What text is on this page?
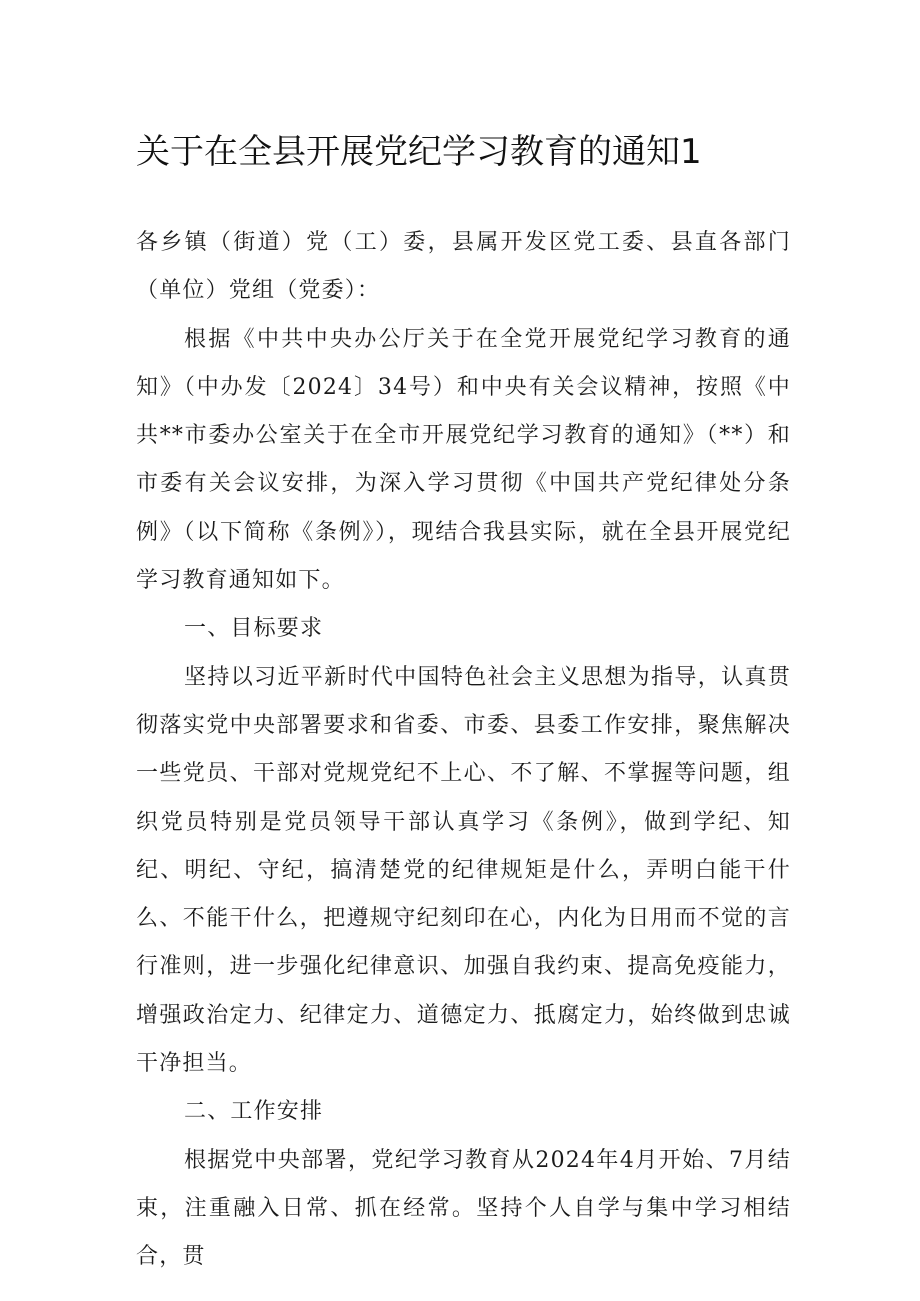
关于在全县开展党纪学习教育的通知1

各乡镇（街道）党（工）委，县属开发区党工委、县直各部门（单位）党组（党委）：

根据《中共中央办公厅关于在全党开展党纪学习教育的通知》（中办发〔2024〕34号）和中央有关会议精神，按照《中共**市委办公室关于在全市开展党纪学习教育的通知》（**）和市委有关会议安排，为深入学习贯彻《中国共产党纪律处分条例》（以下简称《条例》），现结合我县实际，就在全县开展党纪学习教育通知如下。

一、目标要求

坚持以习近平新时代中国特色社会主义思想为指导，认真贯彻落实党中央部署要求和省委、市委、县委工作安排，聚焦解决一些党员、干部对党规党纪不上心、不了解、不掌握等问题，组织党员特别是党员领导干部认真学习《条例》，做到学纪、知纪、明纪、守纪，搞清楚党的纪律规矩是什么，弄明白能干什么、不能干什么，把遵规守纪刻印在心，内化为日用而不觉的言行准则，进一步强化纪律意识、加强自我约束、提高免疫能力，增强政治定力、纪律定力、道德定力、抵腐定力，始终做到忠诚干净担当。

二、工作安排

根据党中央部署，党纪学习教育从2024年4月开始、7月结束，注重融入日常、抓在经常。坚持个人自学与集中学习相结合，贯
